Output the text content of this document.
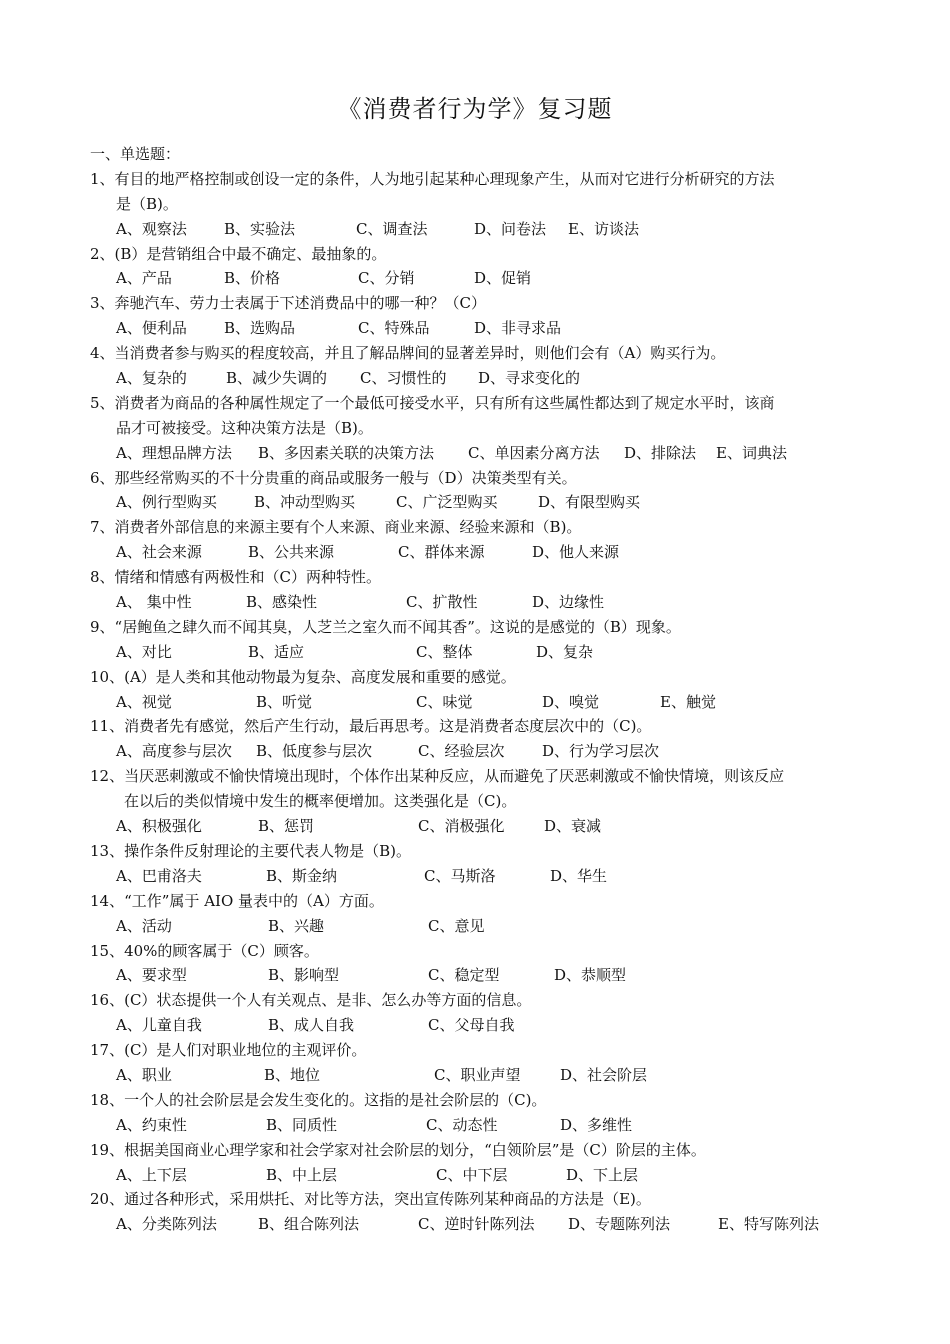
《消费者行为学》复习题
一、单选题：
1、有目的地严格控制或创设一定的条件，人为地引起某种心理现象产生，从而对它进行分析研究的方法
是（B)。
A、观察法	B、实验法	C、调查法	D、问卷法	E、访谈法
2、(B）是营销组合中最不确定、最抽象的。
A、产品	B、价格	C、分销	D、促销
3、奔驰汽车、劳力士表属于下述消费品中的哪一种？（C）
A、便利品	B、选购品	C、特殊品	D、非寻求品
4、当消费者参与购买的程度较高，并且了解品牌间的显著差异时，则他们会有（A）购买行为。
A、复杂的	B、减少失调的	C、习惯性的	D、寻求变化的
5、消费者为商品的各种属性规定了一个最低可接受水平，只有所有这些属性都达到了规定水平时，该商
品才可被接受。这种决策方法是（B)。
A、理想品牌方法	B、多因素关联的决策方法	C、单因素分离方法	D、排除法	E、词典法
6、那些经常购买的不十分贵重的商品或服务一般与（D）决策类型有关。
A、例行型购买	B、冲动型购买	C、广泛型购买	D、有限型购买
7、消费者外部信息的来源主要有个人来源、商业来源、经验来源和（B)。
A、社会来源	B、公共来源	C、群体来源	D、他人来源
8、情绪和情感有两极性和（C）两种特性。
A、 集中性	B、感染性	C、扩散性	D、边缘性
9、“居鲍鱼之肆久而不闻其臭，人芝兰之室久而不闻其香”。这说的是感觉的（B）现象。
A、对比	B、适应	C、整体	D、复杂
10、(A）是人类和其他动物最为复杂、高度发展和重要的感觉。
A、视觉	B、听觉	C、味觉	D、嗅觉	E、触觉
11、消费者先有感觉，然后产生行动，最后再思考。这是消费者态度层次中的（C)。
A、高度参与层次	B、低度参与层次	C、经验层次	D、行为学习层次
12、当厌恶刺激或不愉快情境出现时，个体作出某种反应，从而避免了厌恶刺激或不愉快情境，则该反应
在以后的类似情境中发生的概率便增加。这类强化是（C)。
A、积极强化	B、惩罚	C、消极强化	D、衰减
13、操作条件反射理论的主要代表人物是（B)。
A、巴甫洛夫	B、斯金纳	C、马斯洛	D、华生
14、“工作”属于 AIO 量表中的（A）方面。
A、活动	B、兴趣	C、意见
15、40%的顾客属于（C）顾客。
A、要求型	B、影响型	C、稳定型	D、恭顺型
16、(C）状态提供一个人有关观点、是非、怎么办等方面的信息。
A、儿童自我	B、成人自我	C、父母自我
17、(C）是人们对职业地位的主观评价。
A、职业	B、地位	C、职业声望	D、社会阶层
18、一个人的社会阶层是会发生变化的。这指的是社会阶层的（C)。
A、约束性	B、同质性	C、动态性	D、多维性
19、根据美国商业心理学家和社会学家对社会阶层的划分，“白领阶层”是（C）阶层的主体。
A、上下层	B、中上层	C、中下层	D、下上层
20、通过各种形式，采用烘托、对比等方法，突出宣传陈列某种商品的方法是（E)。
A、分类陈列法	B、组合陈列法	C、逆时针陈列法	D、专题陈列法	E、特写陈列法
